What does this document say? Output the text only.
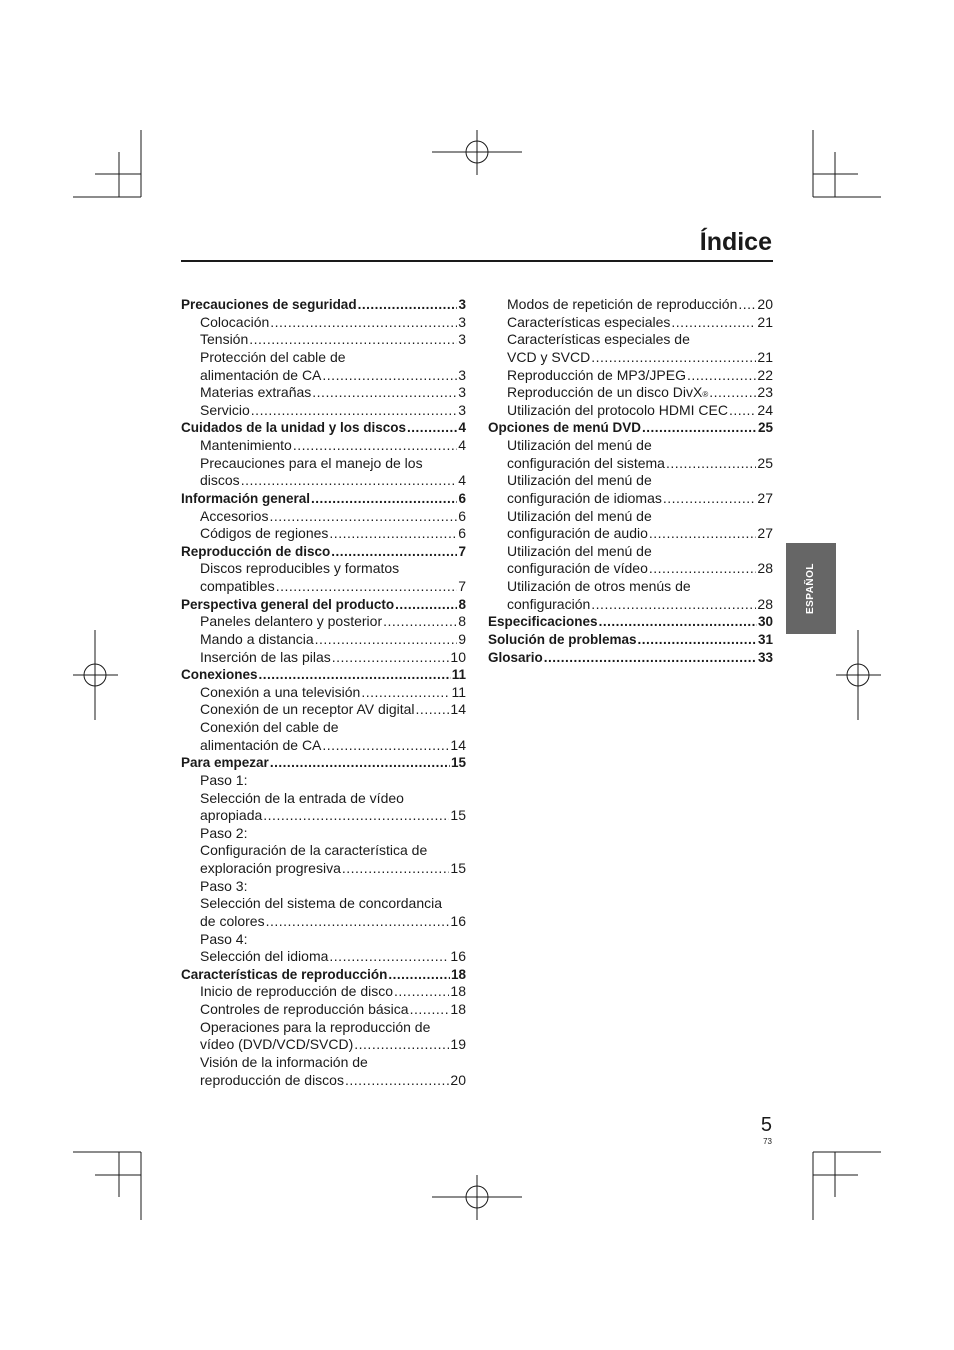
Índice
Precauciones de seguridad .....	3
Colocación .....	3
Tensión .....	3
Protección del cable de
alimentación de CA .....	3
Materias extrañas .....	3
Servicio .....	3
Cuidados de la unidad y los discos .....	4
Mantenimiento .....	4
Precauciones para el manejo de los
discos .....	4
Información general .....	6
Accesorios .....	6
Códigos de regiones .....	6
Reproducción de disco .....	7
Discos reproducibles y formatos
compatibles .....	7
Perspectiva general del producto .....	8
Paneles delantero y posterior .....	8
Mando a distancia .....	9
Inserción de las pilas .....	10
Conexiones .....	11
Conexión a una televisión .....	11
Conexión de un receptor AV digital .....	14
Conexión del cable de
alimentación de CA .....	14
Para empezar .....	15
Paso 1:
Selección de la entrada de vídeo
apropiada .....	15
Paso 2:
Configuración de la característica de
exploración progresiva .....	15
Paso 3:
Selección del sistema de concordancia
de colores .....	16
Paso 4:
Selección del idioma .....	16
Características de reproducción .....	18
Inicio de reproducción de disco .....	18
Controles de reproducción básica .....	18
Operaciones para la reproducción de
vídeo (DVD/VCD/SVCD) .....	19
Visión de la información de
reproducción de discos .....	20
Modos de repetición de reproducción ..... 20
Características especiales .....	21
Características especiales de
VCD y SVCD .....	21
Reproducción de MP3/JPEG .....	22
Reproducción de un disco DivX ® .....	23
Utilización del protocolo HDMI CEC ..... 24
Opciones de menú DVD .....	25
Utilización del menú de
configuración del sistema .....	25
Utilización del menú de
configuración de idiomas .....	27
Utilización del menú de
configuración de audio .....	27
Utilización del menú de
configuración de vídeo .....	28
Utilización de otros menús de
configuración .....	28
Especificaciones .....	30
Solución de problemas .....	31
Glosario .....	33
ESPAÑOL
5
73
